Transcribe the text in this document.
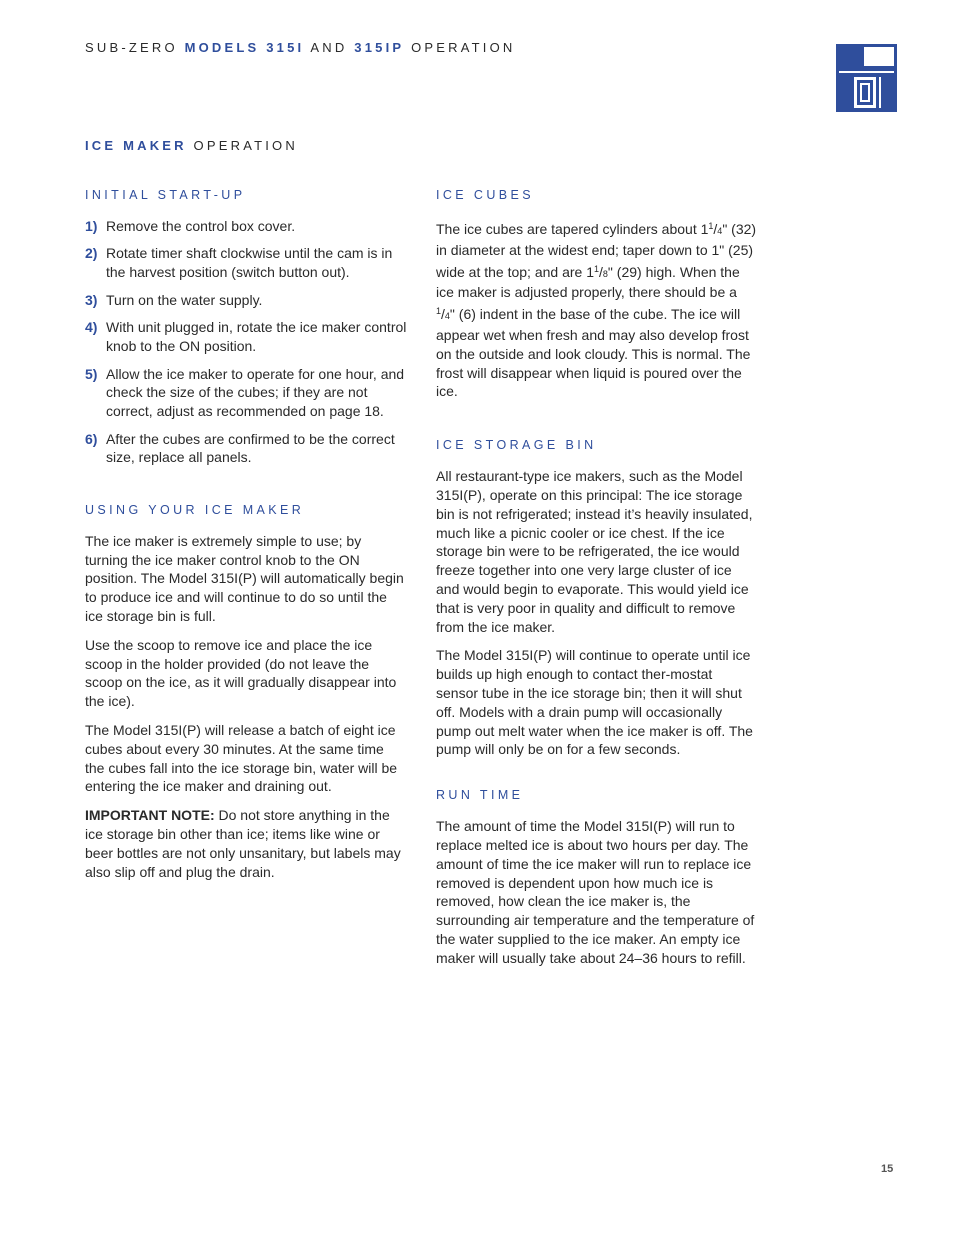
SUB-ZERO MODELS 315I AND 315IP OPERATION
ICE MAKER OPERATION
INITIAL START-UP
1) Remove the control box cover.
2) Rotate timer shaft clockwise until the cam is in the harvest position (switch button out).
3) Turn on the water supply.
4) With unit plugged in, rotate the ice maker control knob to the ON position.
5) Allow the ice maker to operate for one hour, and check the size of the cubes; if they are not correct, adjust as recommended on page 18.
6) After the cubes are confirmed to be the correct size, replace all panels.
USING YOUR ICE MAKER

The ice maker is extremely simple to use; by turning the ice maker control knob to the ON position. The Model 315I(P) will automatically begin to produce ice and will continue to do so until the ice storage bin is full.

Use the scoop to remove ice and place the ice scoop in the holder provided (do not leave the scoop on the ice, as it will gradually disappear into the ice).

The Model 315I(P) will release a batch of eight ice cubes about every 30 minutes. At the same time the cubes fall into the ice storage bin, water will be entering the ice maker and draining out.

IMPORTANT NOTE: Do not store anything in the ice storage bin other than ice; items like wine or beer bottles are not only unsanitary, but labels may also slip off and plug the drain.

ICE CUBES

The ice cubes are tapered cylinders about $1^1/4$" (32) in diameter at the widest end; taper down to 1" (25) wide at the top; and are $1^1/8$" (29) high. When the ice maker is adjusted properly, there should be a $^1$/4" (6) indent in the base of the cube. The ice will appear wet when fresh and may also develop frost on the outside and look cloudy. This is normal. The frost will disappear when liquid is poured over the ice.

ICE STORAGE BIN

All restaurant-type ice makers, such as the Model 315I(P), operate on this principal: The ice storage bin is not refrigerated; instead it’s heavily insulated, much like a picnic cooler or ice chest. If the ice storage bin were to be refrigerated, the ice would freeze together into one very large cluster of ice and would begin to evaporate. This would yield ice that is very poor in quality and difficult to remove from the ice maker.

The Model 315I(P) will continue to operate until ice builds up high enough to contact ther-mostat sensor tube in the ice storage bin; then it will shut off. Models with a drain pump will occasionally pump out melt water when the ice maker is off. The pump will only be on for a few seconds.

RUN TIME

The amount of time the Model 315I(P) will run to replace melted ice is about two hours per day. The amount of time the ice maker will run to replace ice removed is dependent upon how much ice is removed, how clean the ice maker is, the surrounding air temperature and the temperature of the water supplied to the ice maker. An empty ice maker will usually take about 24–36 hours to refill.

15
